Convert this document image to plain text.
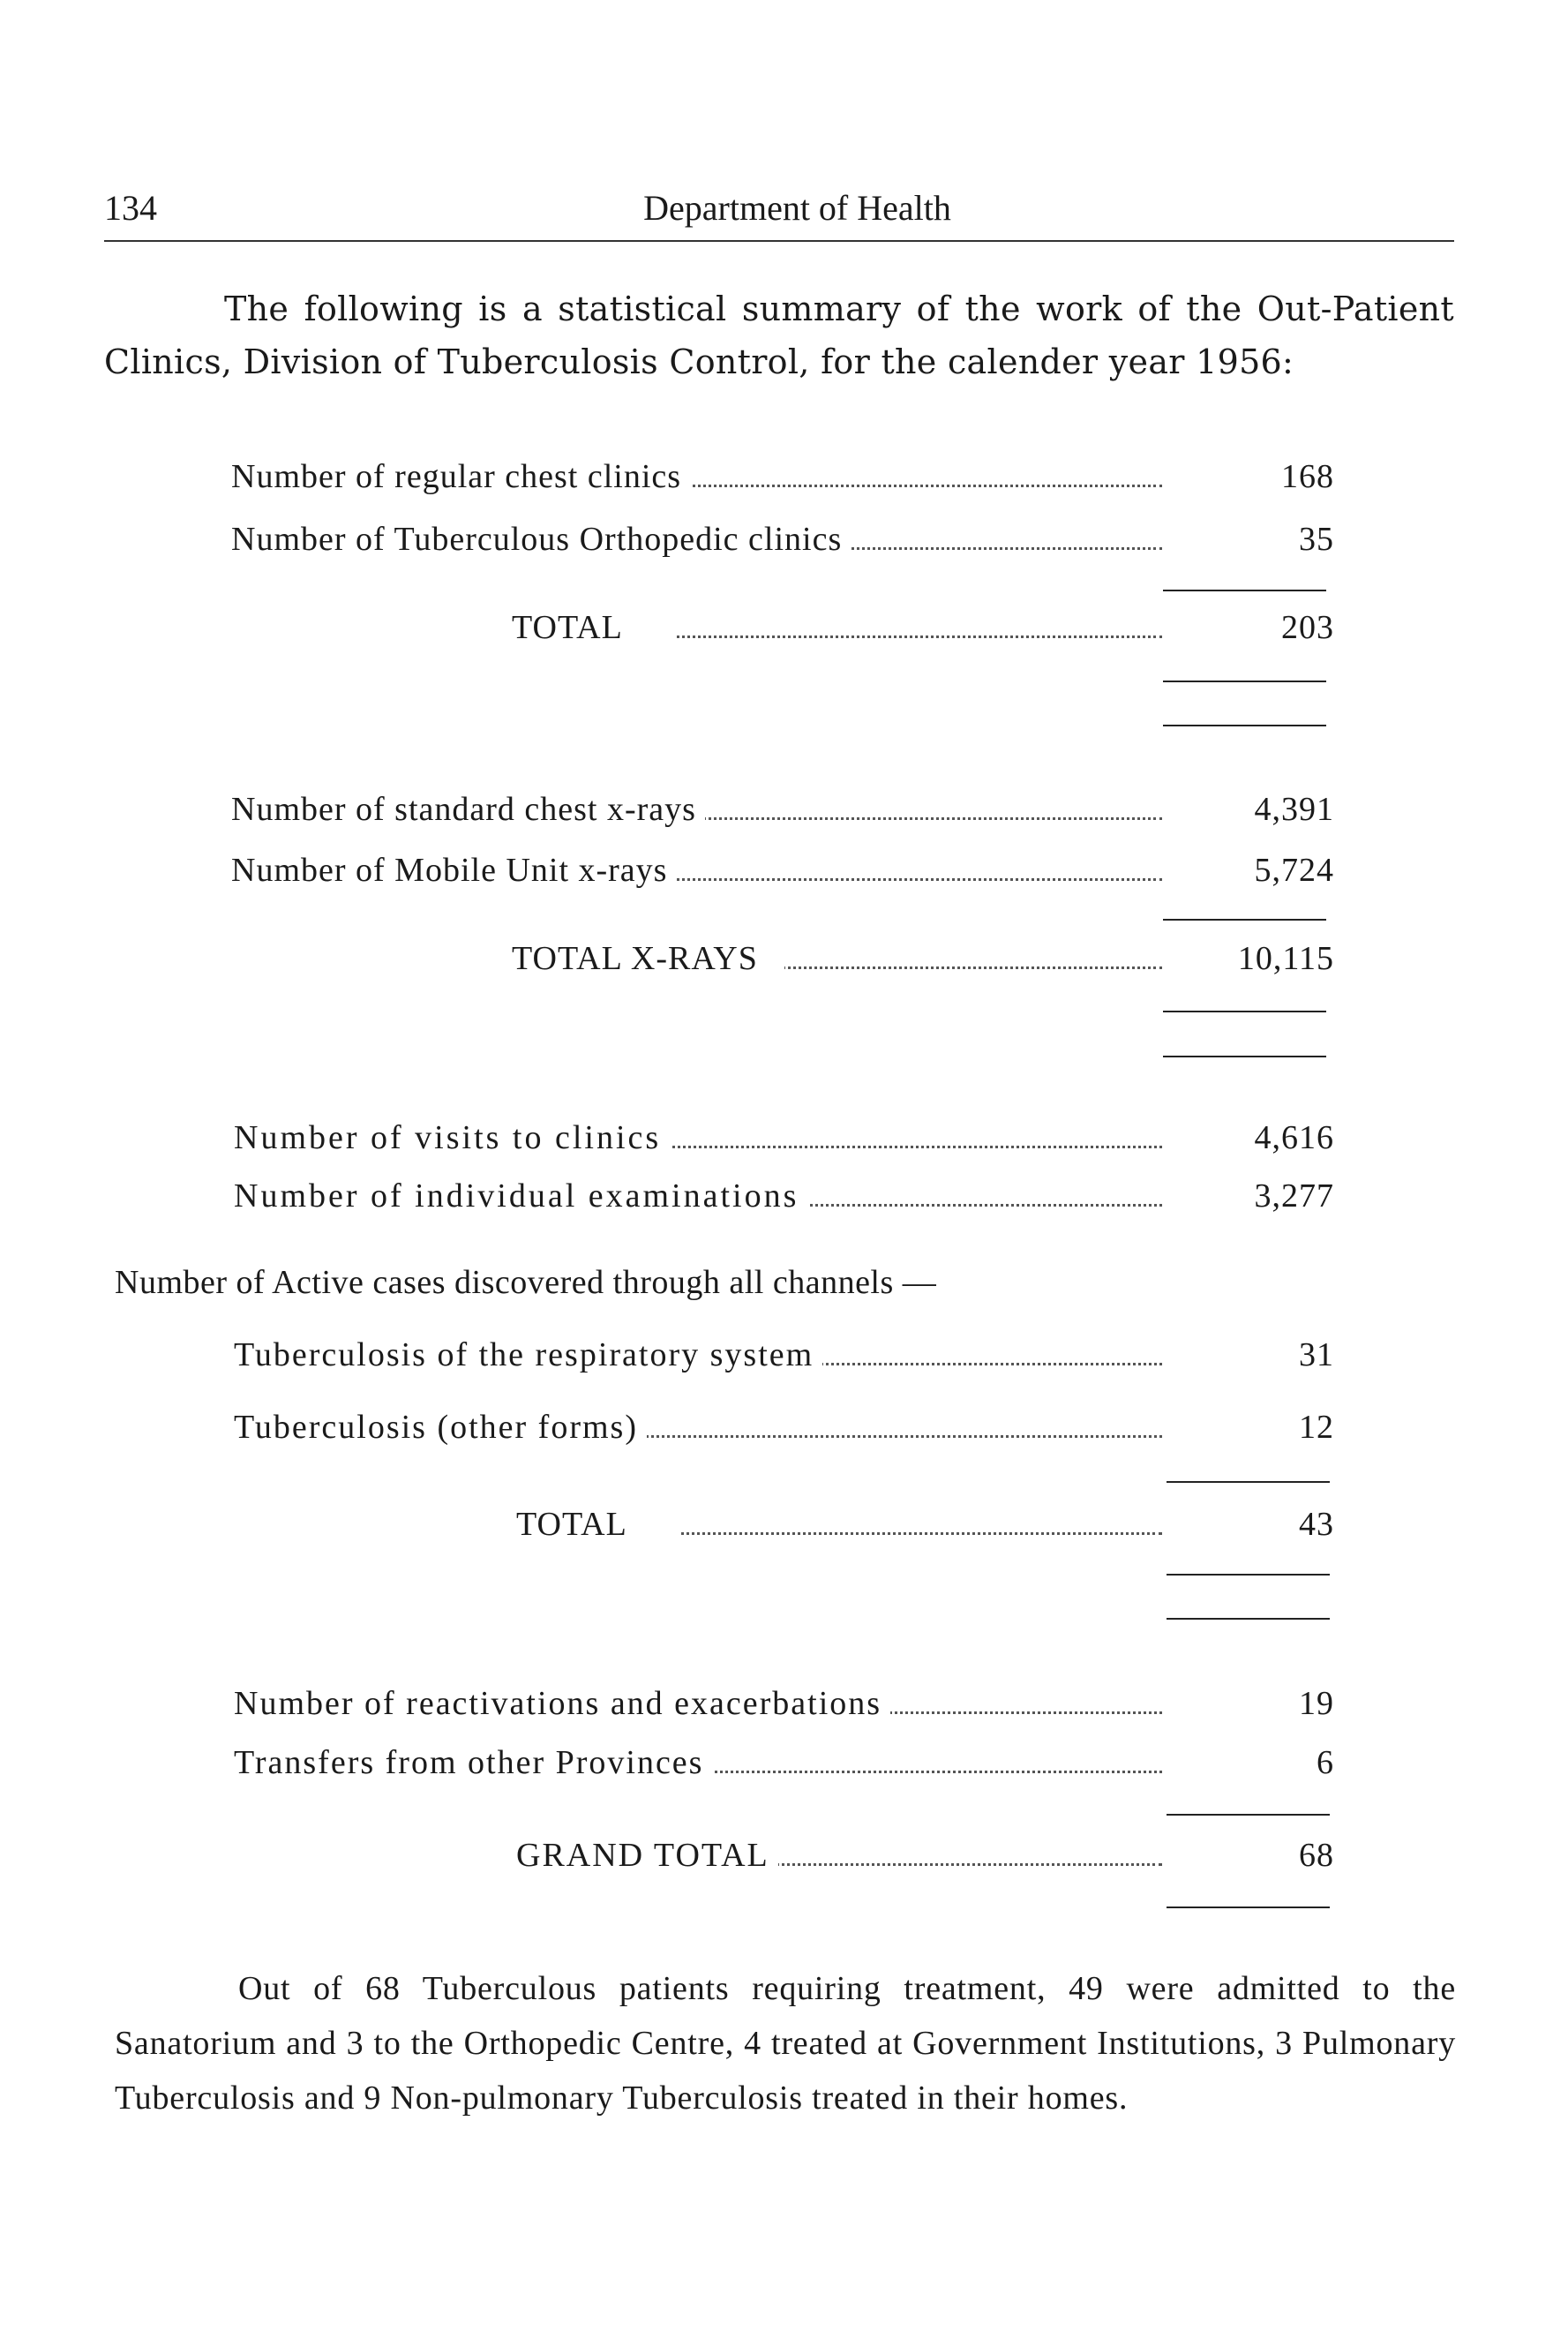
134	Department of Health

The following is a statistical summary of the work of the Out-Patient Clinics, Division of Tuberculosis Control, for the calender year 1956:

Number of regular chest clinics	168
Number of Tuberculous Orthopedic clinics	35
TOTAL	203
Number of standard chest x-rays	4,391
Number of Mobile Unit x-rays	5,724
TOTAL X-RAYS	10,115
Number of visits to clinics	4,616
Number of individual examinations	3,277
Number of Active cases discovered through all channels —
Tuberculosis of the respiratory system	31
Tuberculosis (other forms)	12
TOTAL	43
Number of reactivations and exacerbations	19
Transfers from other Provinces	6
GRAND TOTAL	68

Out of 68 Tuberculous patients requiring treatment, 49 were admitted to the Sanatorium and 3 to the Orthopedic Centre, 4 treated at Government Institutions, 3 Pulmonary Tuberculosis and 9 Non-pulmonary Tuberculosis treated in their homes.
